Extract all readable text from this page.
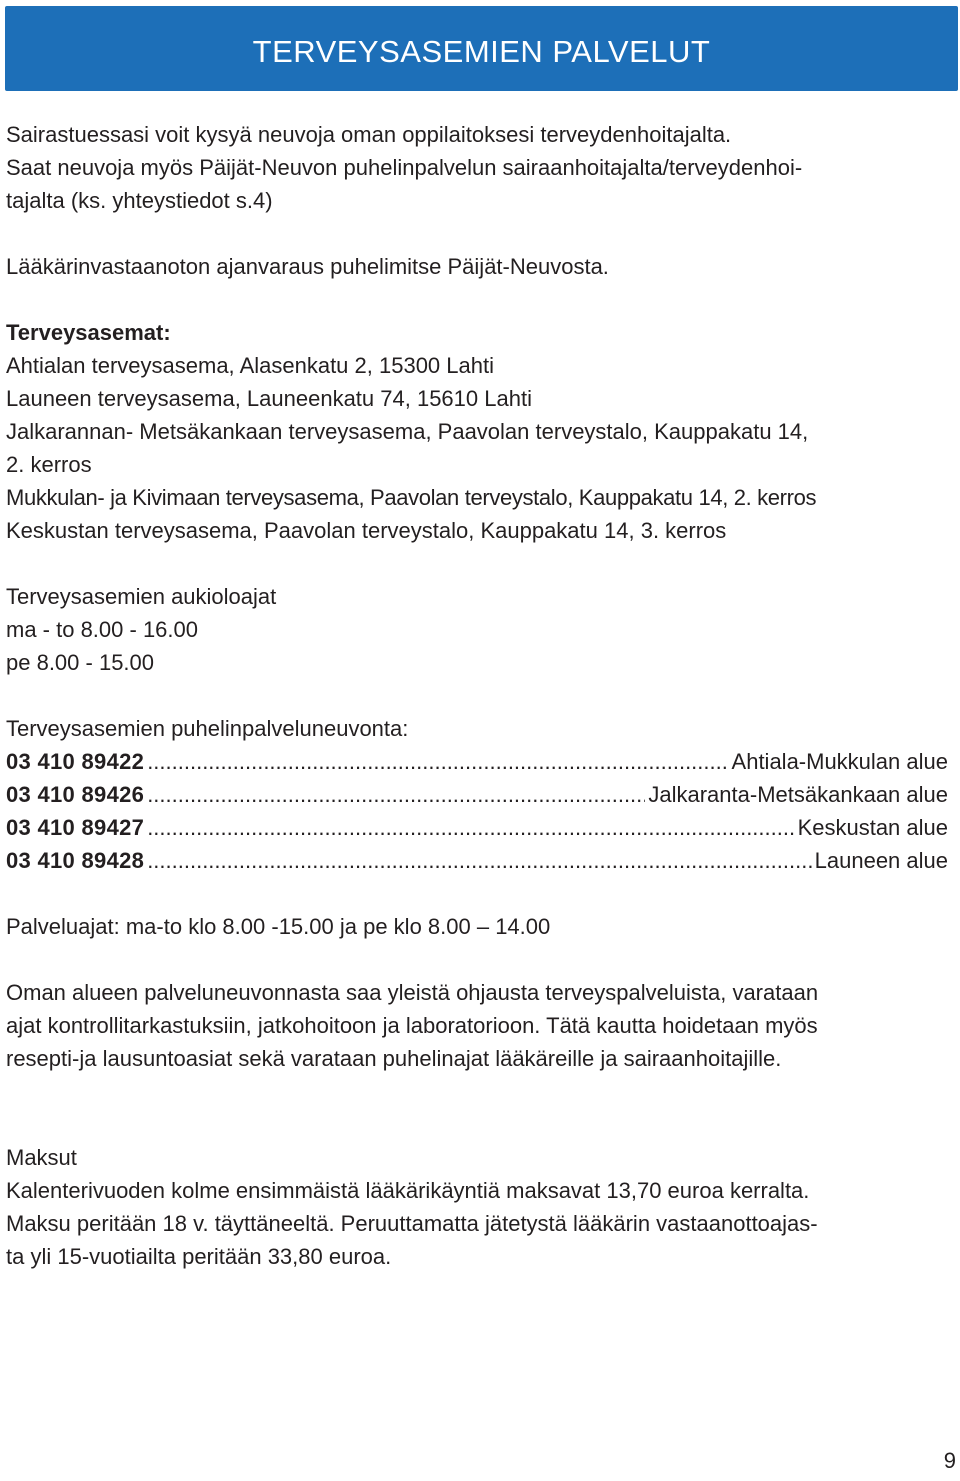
TERVEYSASEMIEN PALVELUT
Sairastuessasi voit kysyä neuvoja oman oppilaitoksesi terveydenhoitajalta.
Saat neuvoja myös Päijät-Neuvon puhelinpalvelun sairaanhoitajalta/terveydenhoi-
tajalta (ks. yhteystiedot s.4)
Lääkärinvastaanoton ajanvaraus puhelimitse Päijät-Neuvosta.
Terveysasemat:
Ahtialan terveysasema, Alasenkatu 2, 15300 Lahti
Launeen terveysasema, Launeenkatu 74, 15610 Lahti
Jalkarannan- Metsäkankaan terveysasema, Paavolan terveystalo, Kauppakatu 14,
2. kerros
Mukkulan- ja Kivimaan terveysasema, Paavolan terveystalo, Kauppakatu 14, 2. kerros
Keskustan terveysasema, Paavolan terveystalo, Kauppakatu 14, 3. kerros
Terveysasemien aukioloajat
ma - to 8.00 - 16.00
pe 8.00 - 15.00
Terveysasemien puhelinpalveluneuvonta:
03 410 89422 .....	Ahtiala-Mukkulan alue
03 410 89426 .....	Jalkaranta-Metsäkankaan alue
03 410 89427 .....	Keskustan alue
03 410 89428 .....	Launeen alue
Palveluajat: ma-to klo 8.00 -15.00 ja pe klo 8.00 – 14.00
Oman alueen palveluneuvonnasta saa yleistä ohjausta terveyspalveluista, varataan
ajat kontrollitarkastuksiin, jatkohoitoon ja laboratorioon. Tätä kautta hoidetaan myös
resepti-ja lausuntoasiat sekä varataan puhelinajat lääkäreille ja sairaanhoitajille.
Maksut
Kalenterivuoden kolme ensimmäistä lääkärikäyntiä maksavat 13,70 euroa kerralta.
Maksu peritään 18 v. täyttäneeltä. Peruuttamatta jätetystä lääkärin vastaanottoajas-
ta yli 15-vuotiailta peritään 33,80 euroa.
9
